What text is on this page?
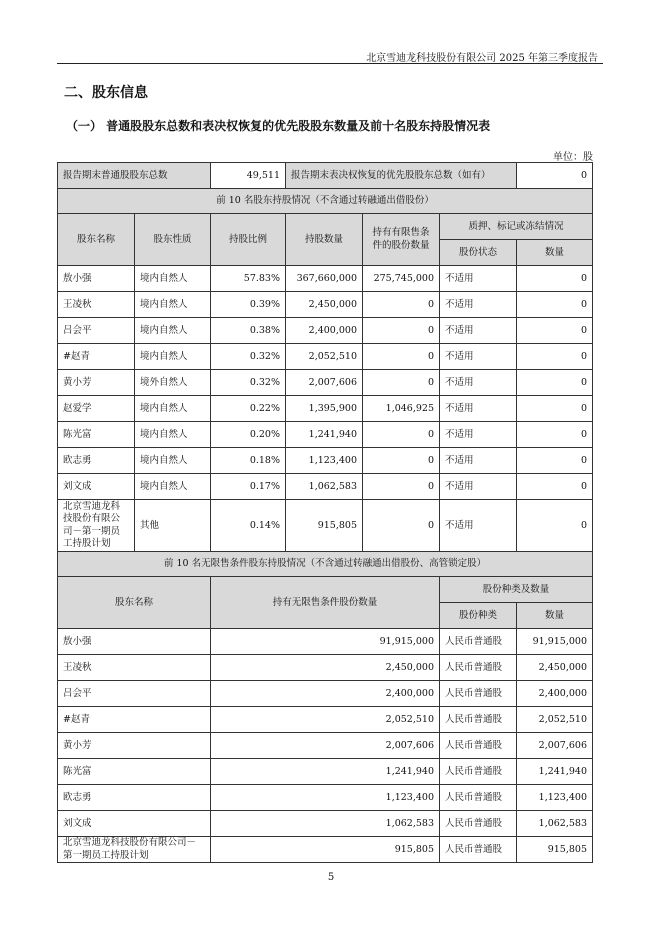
北京雪迪龙科技股份有限公司 2025 年第三季度报告
二、股东信息
（一） 普通股股东总数和表决权恢复的优先股股东数量及前十名股东持股情况表
单位：股
报告期末普通股股东总数		49,511	报告期末表决权恢复的优先股股东总数（如有）			0
前 10 名股东持股情况（不含通过转融通出借股份）						
股东名称	股东性质	持股比例	持股数量	持有有限售条件的股份数量	质押、标记或冻结情况	
					股份状态	数量
敖小强	境内自然人	57.83%	367,660,000	275,745,000	不适用	0
王凌秋	境内自然人	0.39%	2,450,000	0	不适用	0
吕会平	境内自然人	0.38%	2,400,000	0	不适用	0
#赵青	境内自然人	0.32%	2,052,510	0	不适用	0
黄小芳	境外自然人	0.32%	2,007,606	0	不适用	0
赵爱学	境内自然人	0.22%	1,395,900	1,046,925	不适用	0
陈光富	境内自然人	0.20%	1,241,940	0	不适用	0
欧志勇	境内自然人	0.18%	1,123,400	0	不适用	0
刘文成	境内自然人	0.17%	1,062,583	0	不适用	0
北京雪迪龙科技股份有限公司－第一期员工持股计划	其他	0.14%	915,805	0	不适用	0
前 10 名无限售条件股东持股情况（不含通过转融通出借股份、高管锁定股）						
股东名称		持有无限售条件股份数量			股份种类及数量	
					股份种类	数量
敖小强		91,915,000			人民币普通股	91,915,000
王凌秋		2,450,000			人民币普通股	2,450,000
吕会平		2,400,000			人民币普通股	2,400,000
#赵青		2,052,510			人民币普通股	2,052,510
黄小芳		2,007,606			人民币普通股	2,007,606
陈光富		1,241,940			人民币普通股	1,241,940
欧志勇		1,123,400			人民币普通股	1,123,400
刘文成		1,062,583			人民币普通股	1,062,583
北京雪迪龙科技股份有限公司－第一期员工持股计划		915,805			人民币普通股	915,805
5
